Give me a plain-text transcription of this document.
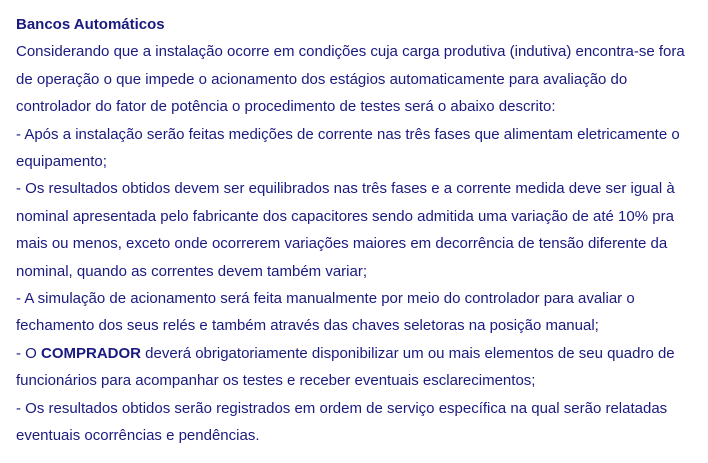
Bancos Automáticos
Considerando que a instalação ocorre em condições cuja carga produtiva (indutiva) encontra-se fora de operação o que impede o acionamento dos estágios automaticamente para avaliação do controlador do fator de potência o procedimento de testes será o abaixo descrito:
- Após a instalação serão feitas medições de corrente nas três fases que alimentam eletricamente o equipamento;
- Os resultados obtidos devem ser equilibrados nas três fases e a corrente medida deve ser igual à nominal apresentada pelo fabricante dos capacitores sendo admitida uma variação de até 10% pra mais ou menos, exceto onde ocorrerem variações maiores em decorrência de tensão diferente da nominal, quando as correntes devem também variar;
- A simulação de acionamento será feita manualmente por meio do controlador para avaliar o fechamento dos seus relés e também através das chaves seletoras na posição manual;
- O COMPRADOR deverá obrigatoriamente disponibilizar um ou mais elementos de seu quadro de funcionários para acompanhar os testes e receber eventuais esclarecimentos;
- Os resultados obtidos serão registrados em ordem de serviço específica na qual serão relatadas eventuais ocorrências e pendências.
